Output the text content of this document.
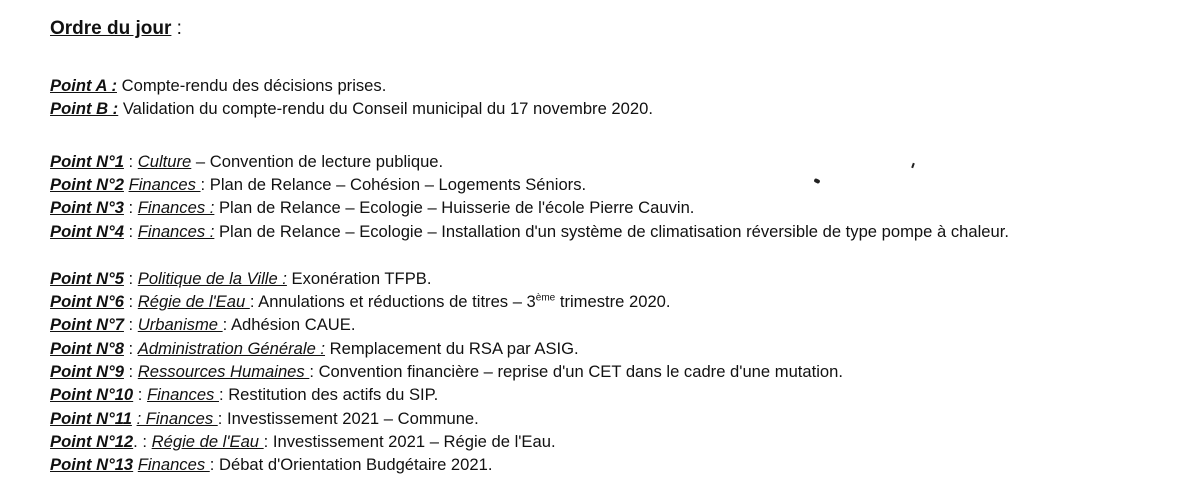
Ordre du jour :
Point A : Compte-rendu des décisions prises.
Point B : Validation du compte-rendu du Conseil municipal du 17 novembre 2020.
Point N°1 : Culture – Convention de lecture publique.
Point N°2 Finances : Plan de Relance – Cohésion – Logements Séniors.
Point N°3 : Finances : Plan de Relance – Ecologie – Huisserie de l'école Pierre Cauvin.
Point N°4 : Finances : Plan de Relance – Ecologie – Installation d'un système de climatisation réversible de type pompe à chaleur.
Point N°5 : Politique de la Ville : Exonération TFPB.
Point N°6 : Régie de l'Eau : Annulations et réductions de titres – 3ème trimestre 2020.
Point N°7 : Urbanisme : Adhésion CAUE.
Point N°8 : Administration Générale : Remplacement du RSA par ASIG.
Point N°9 : Ressources Humaines : Convention financière – reprise d'un CET dans le cadre d'une mutation.
Point N°10 : Finances : Restitution des actifs du SIP.
Point N°11 : Finances : Investissement 2021 – Commune.
Point N°12. : Régie de l'Eau : Investissement 2021 – Régie de l'Eau.
Point N°13 Finances : Débat d'Orientation Budgétaire 2021.
